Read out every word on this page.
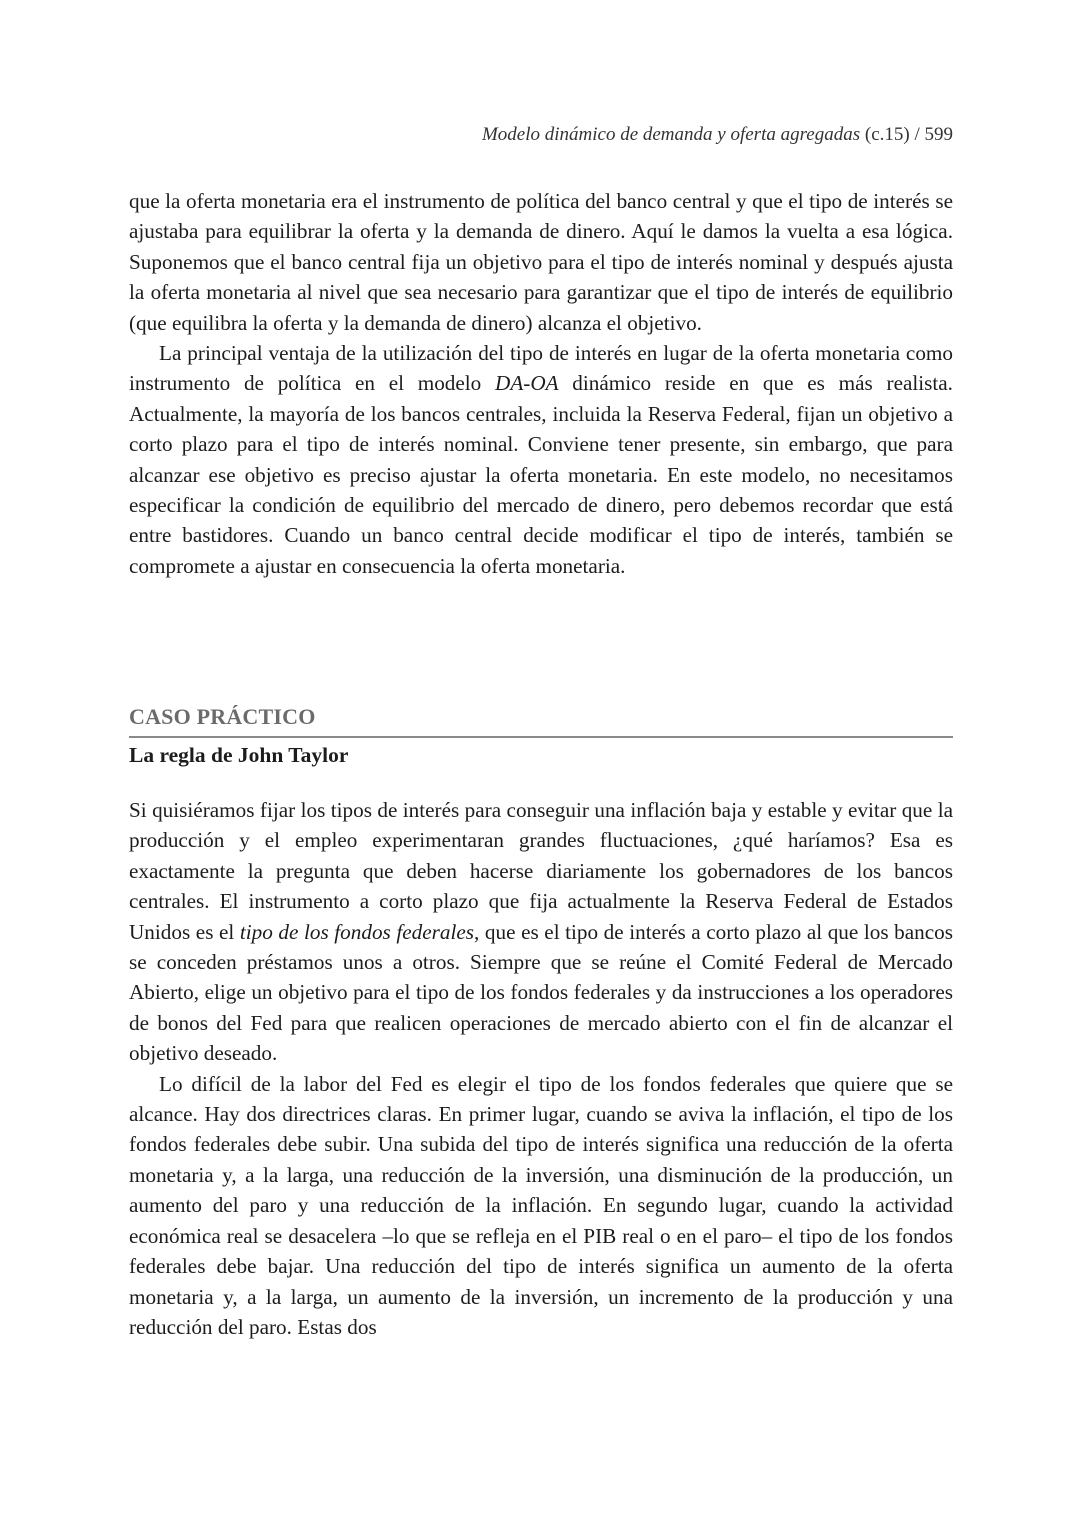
Modelo dinámico de demanda y oferta agregadas (c.15) / 599

que la oferta monetaria era el instrumento de política del banco central y que el tipo de interés se ajustaba para equilibrar la oferta y la demanda de dinero. Aquí le damos la vuelta a esa lógica. Suponemos que el banco central fija un objetivo para el tipo de interés nominal y después ajusta la oferta monetaria al nivel que sea necesario para garantizar que el tipo de interés de equilibrio (que equilibra la oferta y la demanda de dinero) alcanza el objetivo.

La principal ventaja de la utilización del tipo de interés en lugar de la oferta monetaria como instrumento de política en el modelo DA-OA dinámico reside en que es más realista. Actualmente, la mayoría de los bancos centrales, incluida la Reserva Federal, fijan un objetivo a corto plazo para el tipo de interés nominal. Conviene tener presente, sin embargo, que para alcanzar ese objetivo es preciso ajustar la oferta monetaria. En este modelo, no necesitamos especificar la condición de equilibrio del mercado de dinero, pero debemos recordar que está entre bastidores. Cuando un banco central decide modificar el tipo de interés, también se compromete a ajustar en consecuencia la oferta monetaria.

CASO PRÁCTICO
La regla de John Taylor

Si quisiéramos fijar los tipos de interés para conseguir una inflación baja y estable y evitar que la producción y el empleo experimentaran grandes fluctuaciones, ¿qué haríamos? Esa es exactamente la pregunta que deben hacerse diariamente los gobernadores de los bancos centrales. El instrumento a corto plazo que fija actualmente la Reserva Federal de Estados Unidos es el tipo de los fondos federales, que es el tipo de interés a corto plazo al que los bancos se conceden préstamos unos a otros. Siempre que se reúne el Comité Federal de Mercado Abierto, elige un objetivo para el tipo de los fondos federales y da instrucciones a los operadores de bonos del Fed para que realicen operaciones de mercado abierto con el fin de alcanzar el objetivo deseado.

Lo difícil de la labor del Fed es elegir el tipo de los fondos federales que quiere que se alcance. Hay dos directrices claras. En primer lugar, cuando se aviva la inflación, el tipo de los fondos federales debe subir. Una subida del tipo de interés significa una reducción de la oferta monetaria y, a la larga, una reducción de la inversión, una disminución de la producción, un aumento del paro y una reducción de la inflación. En segundo lugar, cuando la actividad económica real se desacelera –lo que se refleja en el PIB real o en el paro– el tipo de los fondos federales debe bajar. Una reducción del tipo de interés significa un aumento de la oferta monetaria y, a la larga, un aumento de la inversión, un incremento de la producción y una reducción del paro. Estas dos
